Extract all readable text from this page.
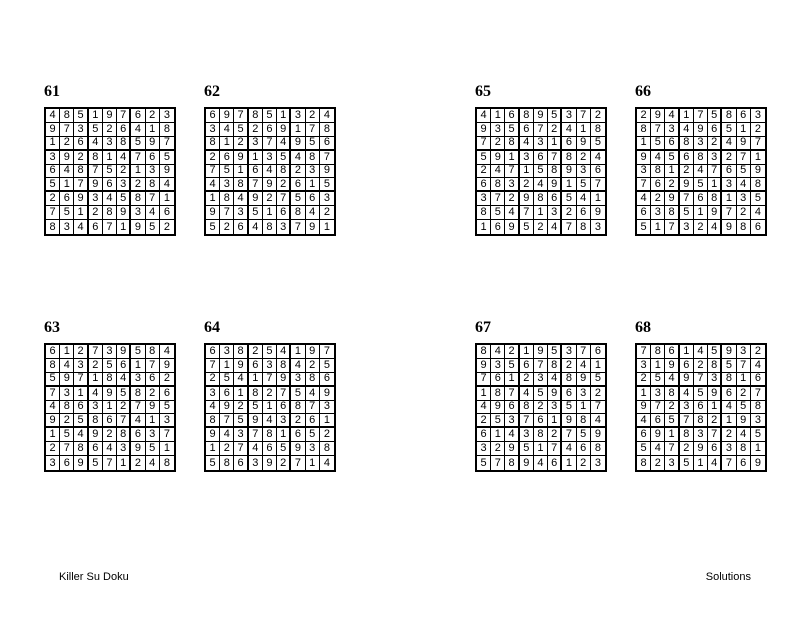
61
4 8 5 1 9 7 6 2 3
9 7 3 5 2 6 4 1 8
1 2 6 4 3 8 5 9 7
3 9 2 8 1 4 7 6 5
6 4 8 7 5 2 1 3 9
5 1 7 9 6 3 2 8 4
2 6 9 3 4 5 8 7 1
7 5 1 2 8 9 3 4 6
8 3 4 6 7 1 9 5 2
62
6 9 7 8 5 1 3 2 4
3 4 5 2 6 9 1 7 8
8 1 2 3 7 4 9 5 6
2 6 9 1 3 5 4 8 7
7 5 1 6 4 8 2 3 9
4 3 8 7 9 2 6 1 5
1 8 4 9 2 7 5 6 3
9 7 3 5 1 6 8 4 2
5 2 6 4 8 3 7 9 1
65
4 1 6 8 9 5 3 7 2
9 3 5 6 7 2 4 1 8
7 2 8 4 3 1 6 9 5
5 9 1 3 6 7 8 2 4
2 4 7 1 5 8 9 3 6
6 8 3 2 4 9 1 5 7
3 7 2 9 8 6 5 4 1
8 5 4 7 1 3 2 6 9
1 6 9 5 2 4 7 8 3
66
2 9 4 1 7 5 8 6 3
8 7 3 4 9 6 5 1 2
1 5 6 8 3 2 4 9 7
9 4 5 6 8 3 2 7 1
3 8 1 2 4 7 6 5 9
7 6 2 9 5 1 3 4 8
4 2 9 7 6 8 1 3 5
6 3 8 5 1 9 7 2 4
5 1 7 3 2 4 9 8 6
63
6 1 2 7 3 9 5 8 4
8 4 3 2 5 6 1 7 9
5 9 7 1 8 4 3 6 2
7 3 1 4 9 5 8 2 6
4 8 6 3 1 2 7 9 5
9 2 5 8 6 7 4 1 3
1 5 4 9 2 8 6 3 7
2 7 8 6 4 3 9 5 1
3 6 9 5 7 1 2 4 8
64
6 3 8 2 5 4 1 9 7
7 1 9 6 3 8 4 2 5
2 5 4 1 7 9 3 8 6
3 6 1 8 2 7 5 4 9
4 9 2 5 1 6 8 7 3
8 7 5 9 4 3 2 6 1
9 4 3 7 8 1 6 5 2
1 2 7 4 6 5 9 3 8
5 8 6 3 9 2 7 1 4
67
8 4 2 1 9 5 3 7 6
9 3 5 6 7 8 2 4 1
7 6 1 2 3 4 8 9 5
1 8 7 4 5 9 6 3 2
4 9 6 8 2 3 5 1 7
2 5 3 7 6 1 9 8 4
6 1 4 3 8 2 7 5 9
3 2 9 5 1 7 4 6 8
5 7 8 9 4 6 1 2 3
68
7 8 6 1 4 5 9 3 2
3 1 9 6 2 8 5 7 4
2 5 4 9 7 3 8 1 6
1 3 8 4 5 9 6 2 7
9 7 2 3 6 1 4 5 8
4 6 5 7 8 2 1 9 3
6 9 1 8 3 7 2 4 5
5 4 7 2 9 6 3 8 1
8 2 3 5 1 4 7 6 9
Killer Su Doku	Solutions
